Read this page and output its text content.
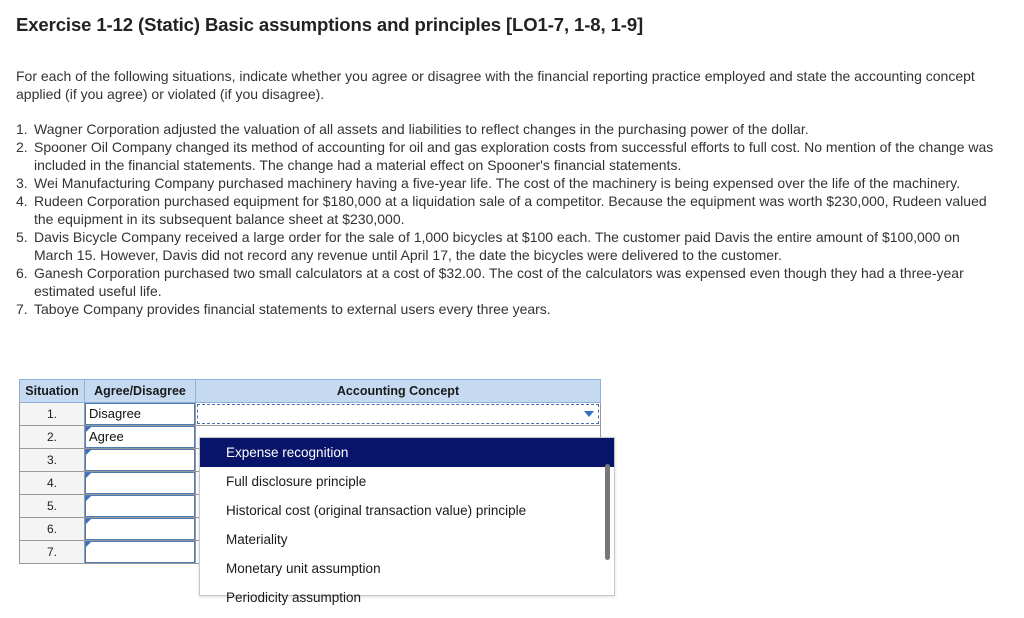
Exercise 1-12 (Static) Basic assumptions and principles [LO1-7, 1-8, 1-9]
For each of the following situations, indicate whether you agree or disagree with the financial reporting practice employed and state the accounting concept applied (if you agree) or violated (if you disagree).
1. Wagner Corporation adjusted the valuation of all assets and liabilities to reflect changes in the purchasing power of the dollar.
2. Spooner Oil Company changed its method of accounting for oil and gas exploration costs from successful efforts to full cost. No mention of the change was included in the financial statements. The change had a material effect on Spooner's financial statements.
3. Wei Manufacturing Company purchased machinery having a five-year life. The cost of the machinery is being expensed over the life of the machinery.
4. Rudeen Corporation purchased equipment for $180,000 at a liquidation sale of a competitor. Because the equipment was worth $230,000, Rudeen valued the equipment in its subsequent balance sheet at $230,000.
5. Davis Bicycle Company received a large order for the sale of 1,000 bicycles at $100 each. The customer paid Davis the entire amount of $100,000 on March 15. However, Davis did not record any revenue until April 17, the date the bicycles were delivered to the customer.
6. Ganesh Corporation purchased two small calculators at a cost of $32.00. The cost of the calculators was expensed even though they had a three-year estimated useful life.
7. Taboye Company provides financial statements to external users every three years.
Situation	Agree/Disagree	Accounting Concept
1.	Disagree	

2.	Agree	

3.	

4.	

5.	

6.	

7.	

Expense recognition
Full disclosure principle
Historical cost (original transaction value) principle
Materiality
Monetary unit assumption
Periodicity assumption
